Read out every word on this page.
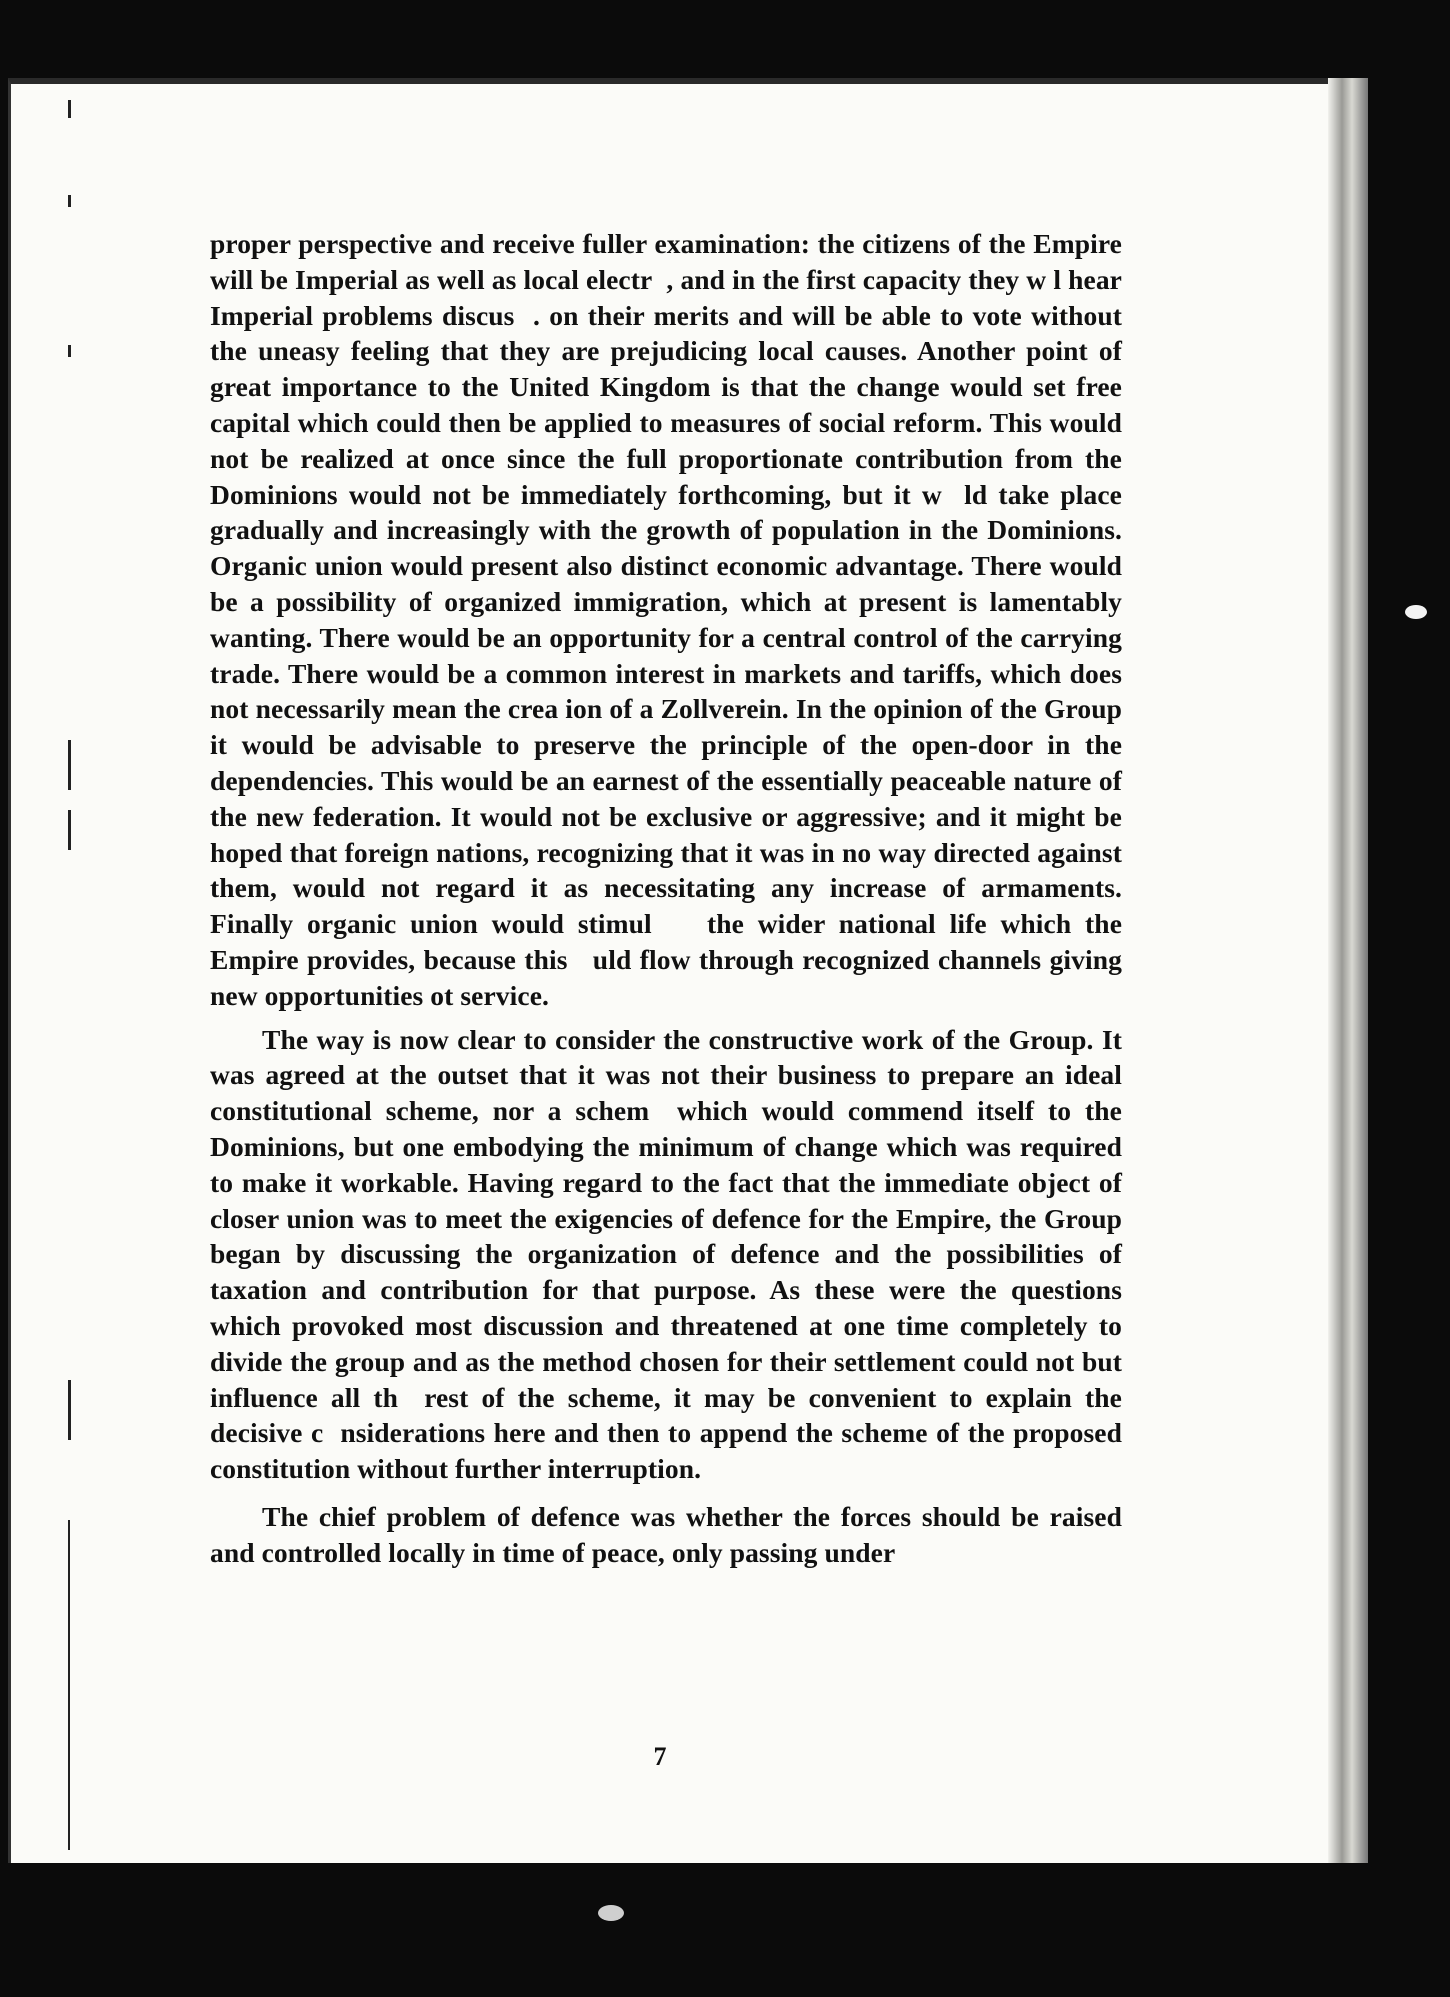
proper perspective and receive fuller examination: the citizens of the Empire will be Imperial as well as local electr  , and in the first capacity they w l hear Imperial problems discus  . on their merits and will be able to vote without the uneasy feeling that they are prejudicing local causes. Another point of great importance to the United Kingdom is that the change would set free capital which could then be applied to measures of social reform. This would not be realized at once since the full proportionate contribution from the Dominions would not be immediately forthcoming, but it w  ld take place gradually and increasingly with the growth of population in the Dominions. Organic union would present also distinct economic advantage. There would be a possibility of organized immigration, which at present is lamentably wanting. There would be an opportunity for a central control of the carrying trade. There would be a common interest in markets and tariffs, which does not necessarily mean the crea ion of a Zollverein. In the opinion of the Group it would be advisable to preserve the principle of the open-door in the dependencies. This would be an earnest of the essentially peaceable nature of the new federation. It would not be exclusive or aggressive; and it might be hoped that foreign nations, recognizing that it was in no way directed against them, would not regard it as necessitating any increase of armaments. Finally organic union would stimul    the wider national life which the Empire provides, because this   uld flow through recognized channels giving new opportunities ot service.

The way is now clear to consider the constructive work of the Group. It was agreed at the outset that it was not their business to prepare an ideal constitutional scheme, nor a schem  which would commend itself to the Dominions, but one embodying the minimum of change which was required to make it workable. Having regard to the fact that the immediate object of closer union was to meet the exigencies of defence for the Empire, the Group began by discussing the organization of defence and the possibilities of taxation and contribution for that purpose. As these were the questions which provoked most discussion and threatened at one time completely to divide the group and as the method chosen for their settlement could not but influence all th  rest of the scheme, it may be convenient to explain the decisive c  nsiderations here and then to append the scheme of the proposed constitution without further interruption.

The chief problem of defence was whether the forces should be raised and controlled locally in time of peace, only passing under

7
